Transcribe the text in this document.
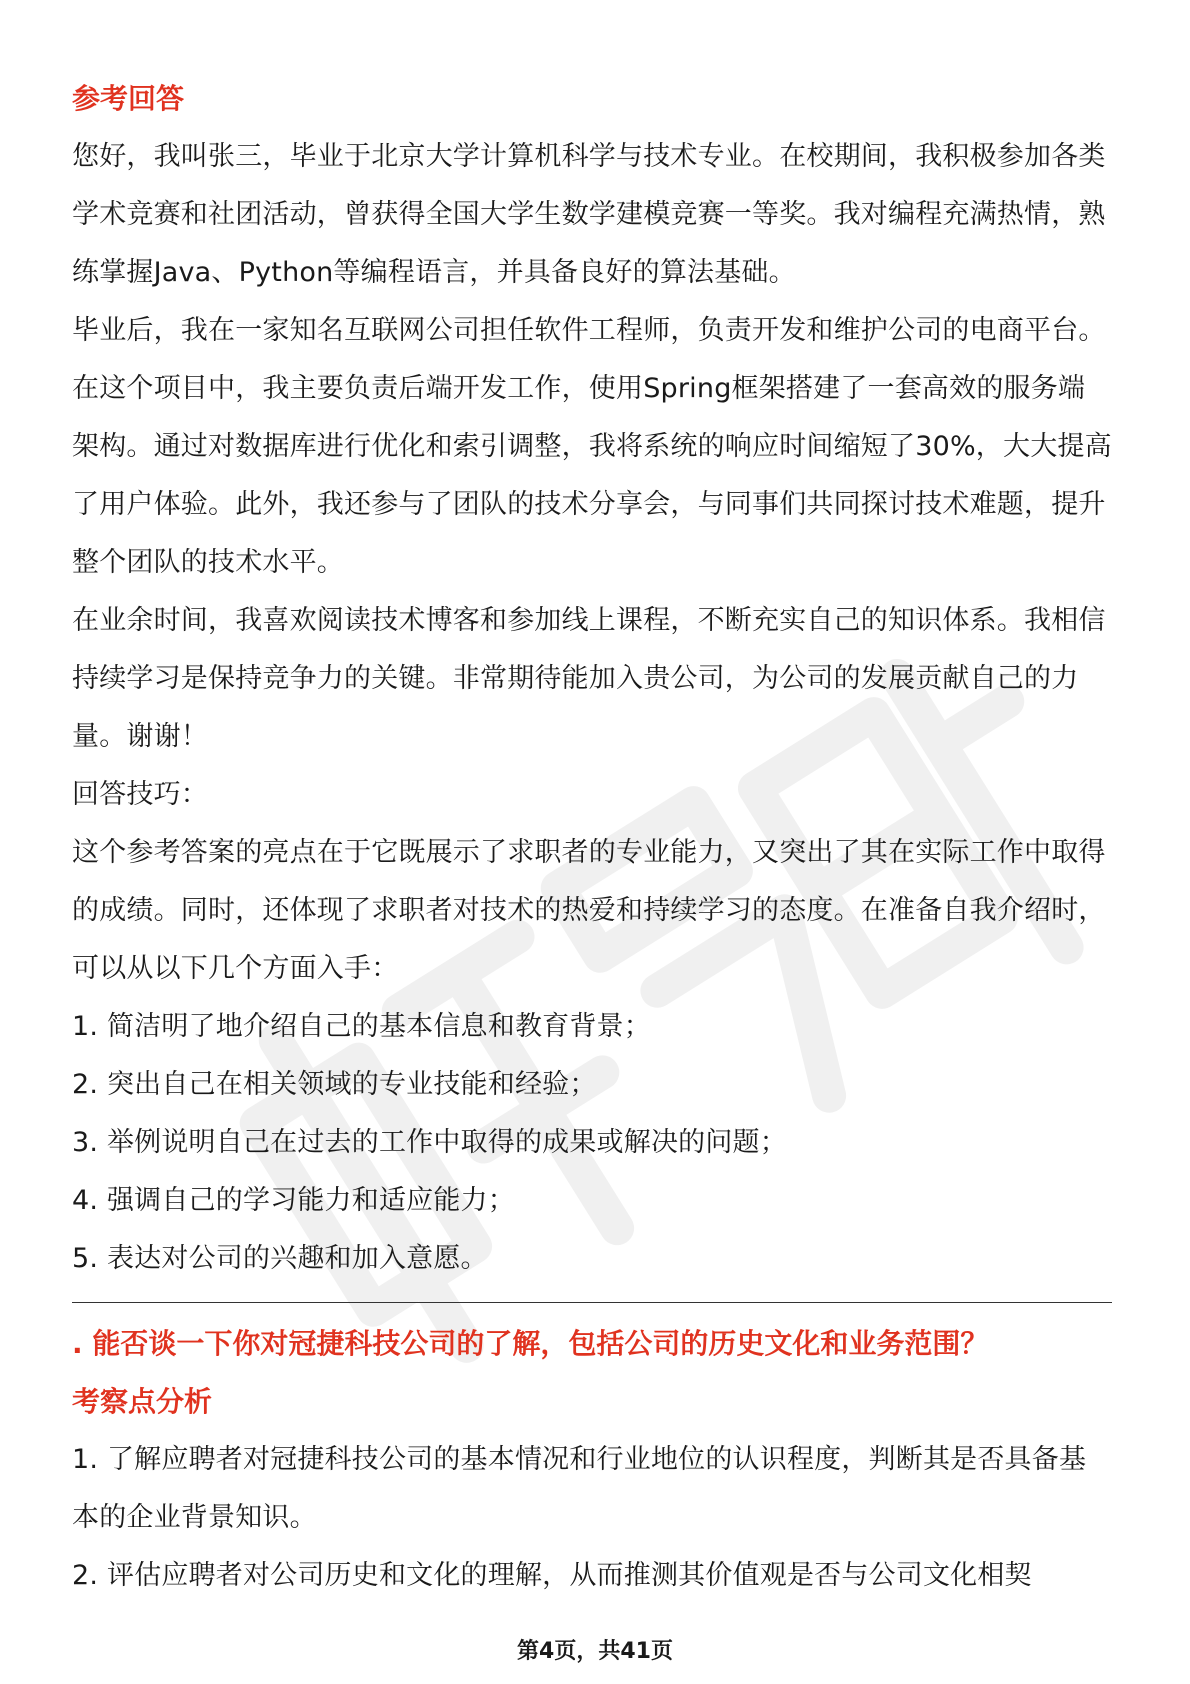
参考回答

您好，我叫张三，毕业于北京大学计算机科学与技术专业。在校期间，我积极参加各类学术竞赛和社团活动，曾获得全国大学生数学建模竞赛一等奖。我对编程充满热情，熟练掌握Java、Python等编程语言，并具备良好的算法基础。

毕业后，我在一家知名互联网公司担任软件工程师，负责开发和维护公司的电商平台。在这个项目中，我主要负责后端开发工作，使用Spring框架搭建了一套高效的服务端架构。通过对数据库进行优化和索引调整，我将系统的响应时间缩短了30%，大大提高了用户体验。此外，我还参与了团队的技术分享会，与同事们共同探讨技术难题，提升整个团队的技术水平。

在业余时间，我喜欢阅读技术博客和参加线上课程，不断充实自己的知识体系。我相信持续学习是保持竞争力的关键。非常期待能加入贵公司，为公司的发展贡献自己的力量。谢谢！

回答技巧：

这个参考答案的亮点在于它既展示了求职者的专业能力，又突出了其在实际工作中取得的成绩。同时，还体现了求职者对技术的热爱和持续学习的态度。在准备自我介绍时，可以从以下几个方面入手：

1. 简洁明了地介绍自己的基本信息和教育背景；

2. 突出自己在相关领域的专业技能和经验；

3. 举例说明自己在过去的工作中取得的成果或解决的问题；

4. 强调自己的学习能力和适应能力；

5. 表达对公司的兴趣和加入意愿。

. 能否谈一下你对冠捷科技公司的了解，包括公司的历史文化和业务范围？
考察点分析

1. 了解应聘者对冠捷科技公司的基本情况和行业地位的认识程度，判断其是否具备基本的企业背景知识。

2. 评估应聘者对公司历史和文化的理解，从而推测其价值观是否与公司文化相契

第4页，共41页
